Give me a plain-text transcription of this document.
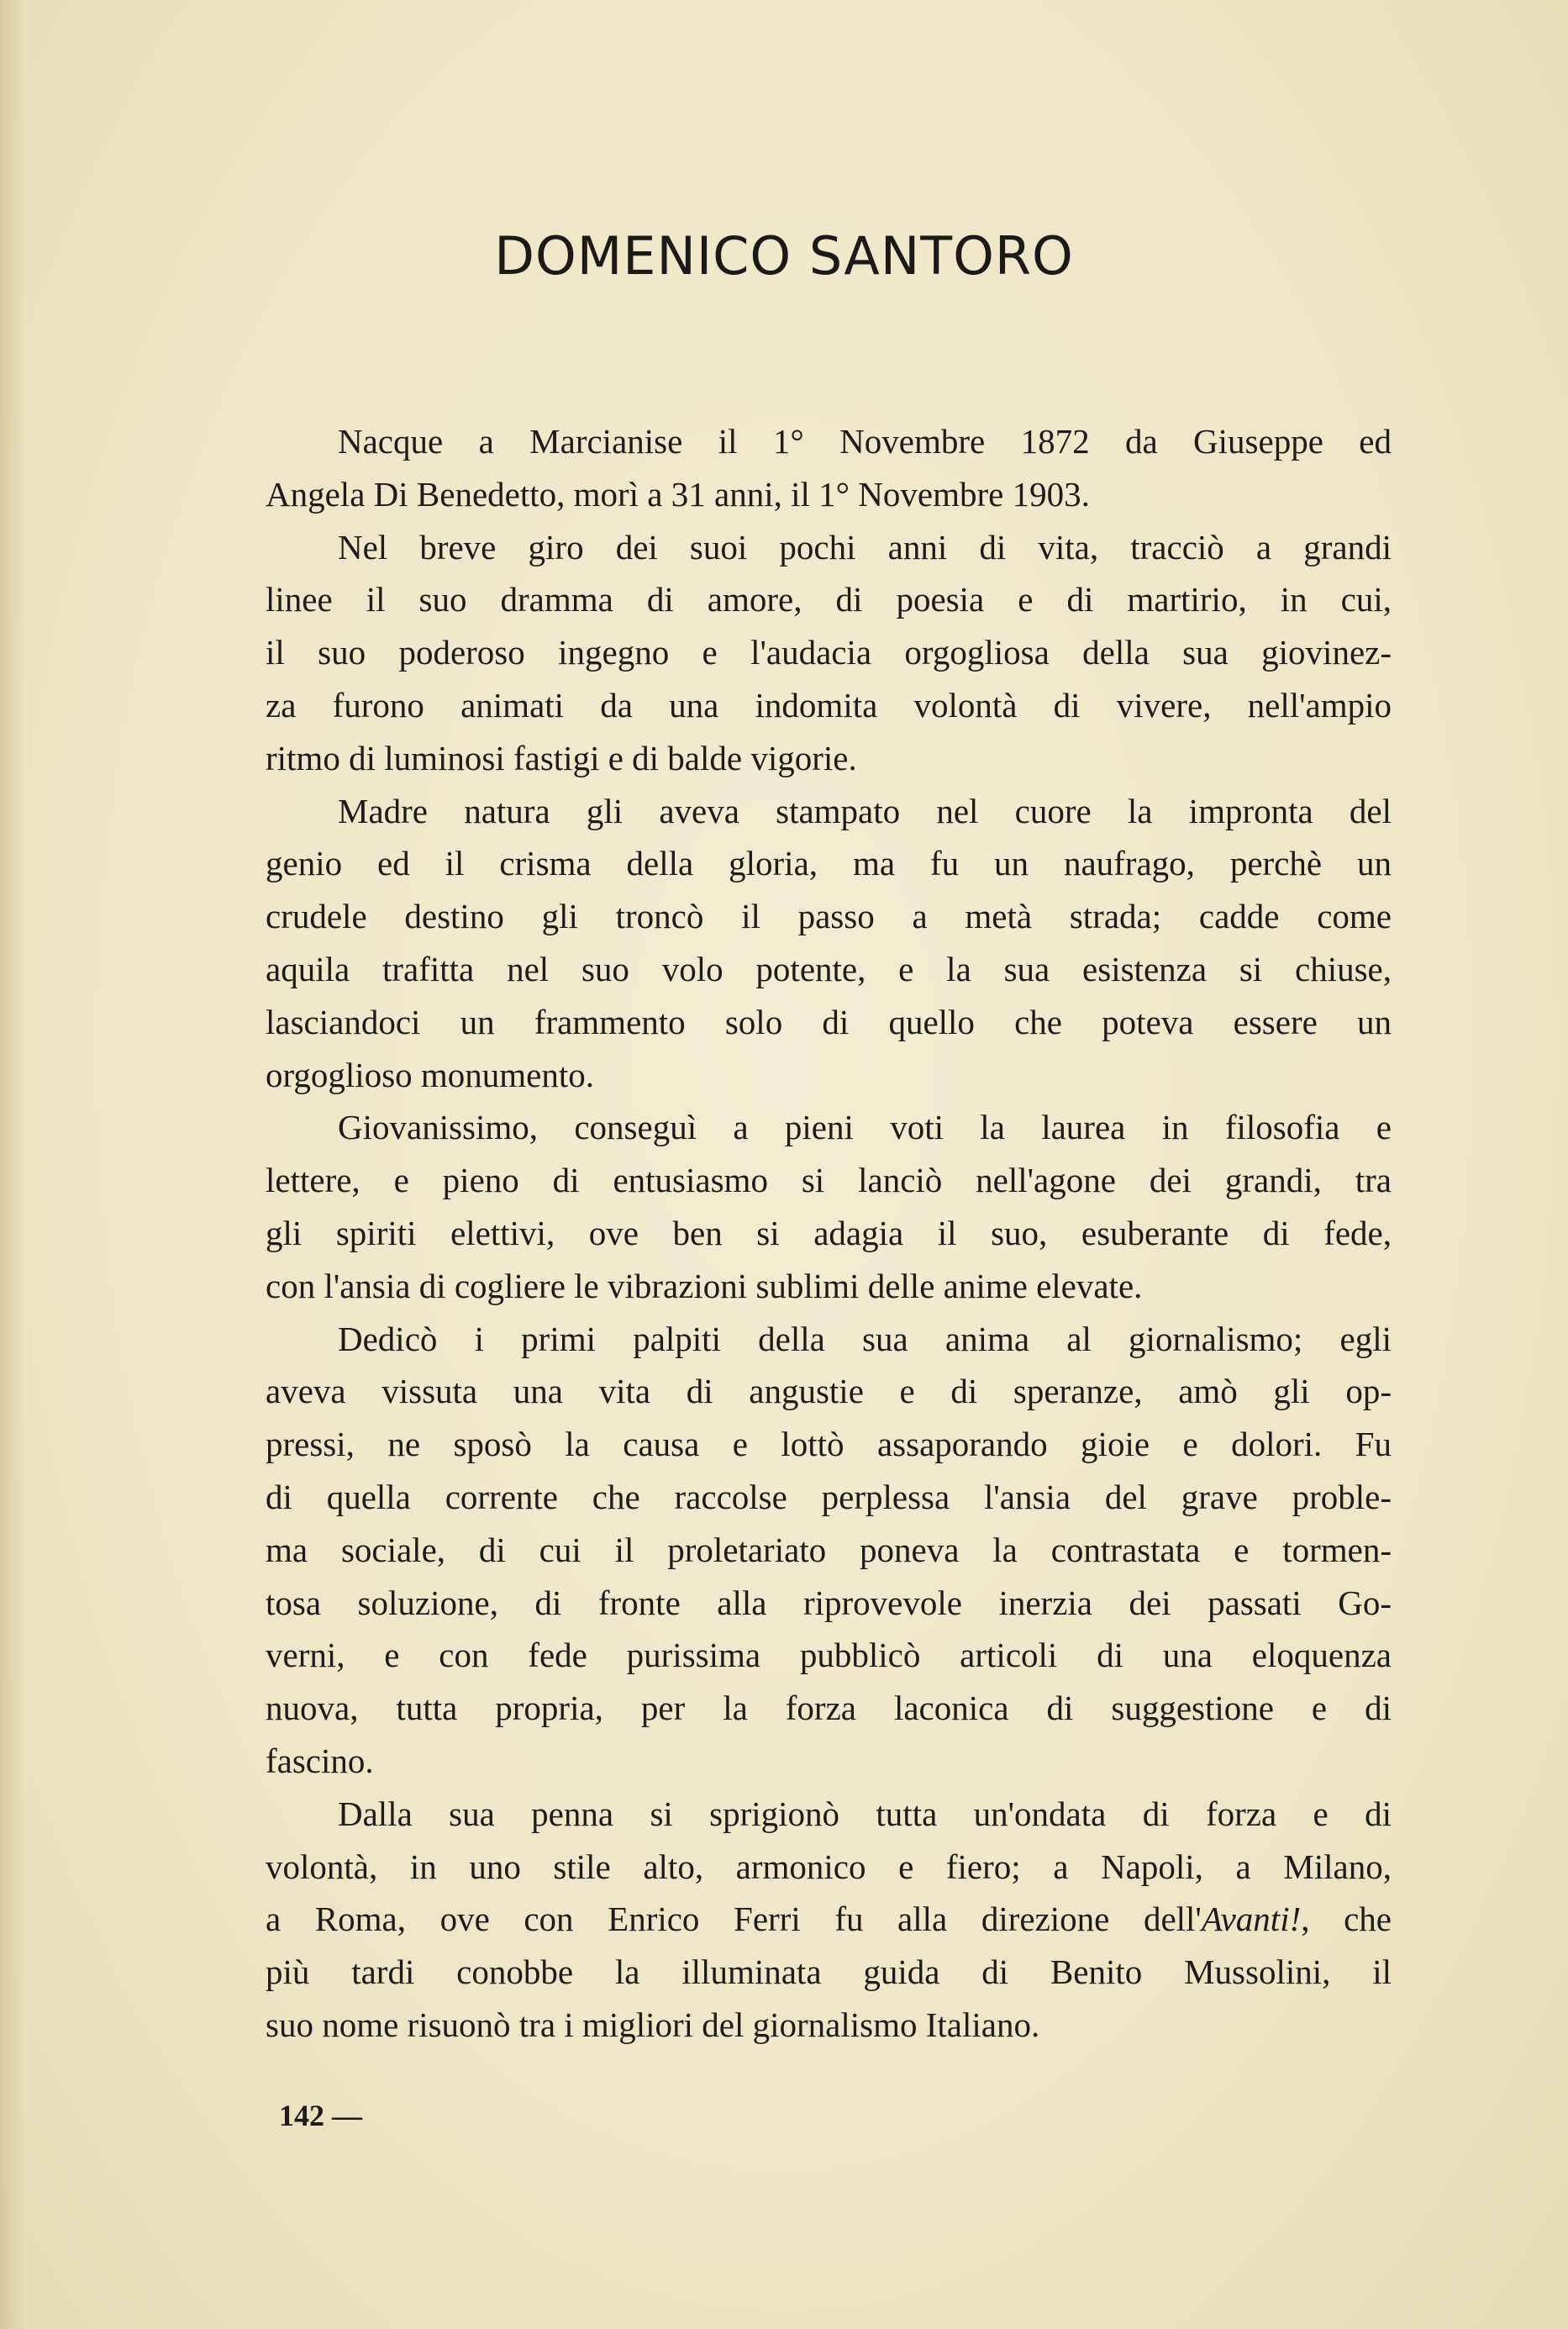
DOMENICO SANTORO
Nacque a Marcianise il 1° Novembre 1872 da Giuseppe ed
Angela Di Benedetto, morì a 31 anni, il 1° Novembre 1903.
Nel breve giro dei suoi pochi anni di vita, tracciò a grandi
linee il suo dramma di amore, di poesia e di martirio, in cui,
il suo poderoso ingegno e l'audacia orgogliosa della sua giovinez-
za furono animati da una indomita volontà di vivere, nell'ampio
ritmo di luminosi fastigi e di balde vigorie.
Madre natura gli aveva stampato nel cuore la impronta del
genio ed il crisma della gloria, ma fu un naufrago, perchè un
crudele destino gli troncò il passo a metà strada; cadde come
aquila trafitta nel suo volo potente, e la sua esistenza si chiuse,
lasciandoci un frammento solo di quello che poteva essere un
orgoglioso monumento.
Giovanissimo, conseguì a pieni voti la laurea in filosofia e
lettere, e pieno di entusiasmo si lanciò nell'agone dei grandi, tra
gli spiriti elettivi, ove ben si adagia il suo, esuberante di fede,
con l'ansia di cogliere le vibrazioni sublimi delle anime elevate.
Dedicò i primi palpiti della sua anima al giornalismo; egli
aveva vissuta una vita di angustie e di speranze, amò gli op-
pressi, ne sposò la causa e lottò assaporando gioie e dolori. Fu
di quella corrente che raccolse perplessa l'ansia del grave proble-
ma sociale, di cui il proletariato poneva la contrastata e tormen-
tosa soluzione, di fronte alla riprovevole inerzia dei passati Go-
verni, e con fede purissima pubblicò articoli di una eloquenza
nuova, tutta propria, per la forza laconica di suggestione e di
fascino.
Dalla sua penna si sprigionò tutta un'ondata di forza e di
volontà, in uno stile alto, armonico e fiero; a Napoli, a Milano,
a Roma, ove con Enrico Ferri fu alla direzione dell'Avanti!, che
più tardi conobbe la illuminata guida di Benito Mussolini, il
suo nome risuonò tra i migliori del giornalismo Italiano.
142 —
